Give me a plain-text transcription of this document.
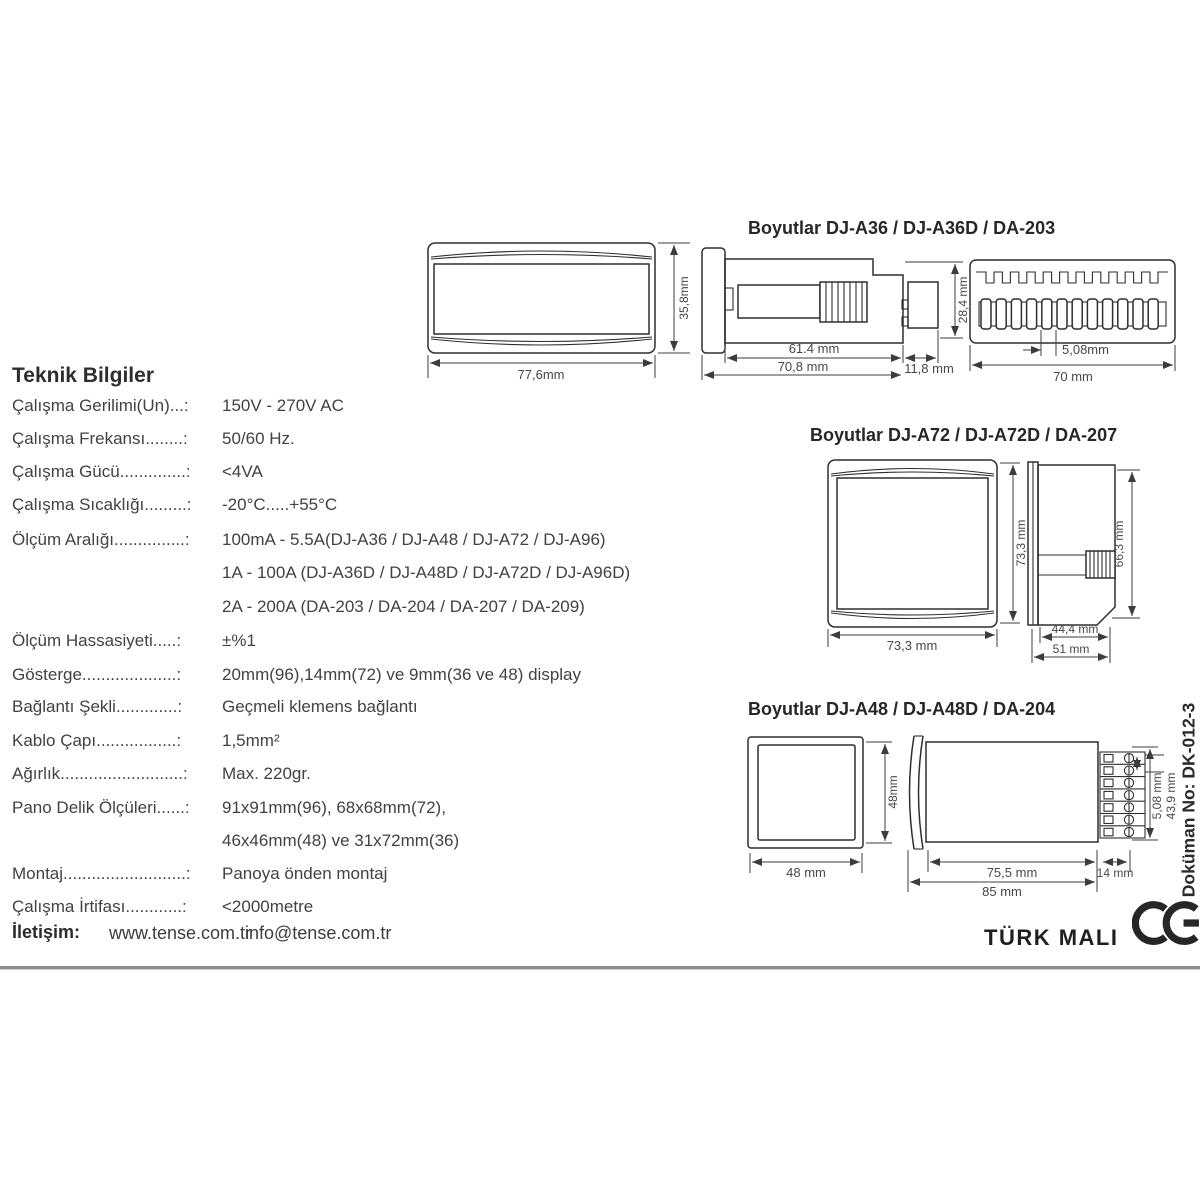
Teknik Bilgiler
Çalışma Gerilimi(Un)...: 150V - 270V AC
Çalışma Frekansı........: 50/60 Hz.
Çalışma Gücü..............: <4VA
Çalışma Sıcaklığı.........: -20°C.....+55°C
Ölçüm Aralığı...............: 100mA - 5.5A(DJ-A36 / DJ-A48 / DJ-A72 / DJ-A96)
1A - 100A (DJ-A36D / DJ-A48D / DJ-A72D / DJ-A96D)
2A - 200A (DA-203 / DA-204 / DA-207 / DA-209)
Ölçüm Hassasiyeti.....: ±%1
Gösterge....................: 20mm(96),14mm(72) ve 9mm(36 ve 48) display
Bağlantı Şekli.............: Geçmeli klemens bağlantı
Kablo Çapı.................: 1,5mm²
Ağırlık..........................: Max. 220gr.
Pano Delik Ölçüleri......: 91x91mm(96), 68x68mm(72),
46x46mm(48) ve 31x72mm(36)
Montaj..........................: Panoya önden montaj
Çalışma İrtifası............: <2000metre
İletişim: www.tense.com.tr
info@tense.com.tr
Boyutlar DJ-A36 / DJ-A36D / DA-203
Boyutlar DJ-A72 / DJ-A72D / DA-207
Boyutlar DJ-A48 / DJ-A48D / DA-204
77,6mm
35,8mm	28,4 mm
61.4 mm
70,8 mm	11,8 mm
5,08mm
70 mm
73,3 mm
73,3 mm	66,3 mm
44,4 mm
51 mm
48 mm
48mm	5,08 mm 43,9 mm
75,5 mm
85 mm
14 mm	Doküman No: DK-012-3
TÜRK MALI
